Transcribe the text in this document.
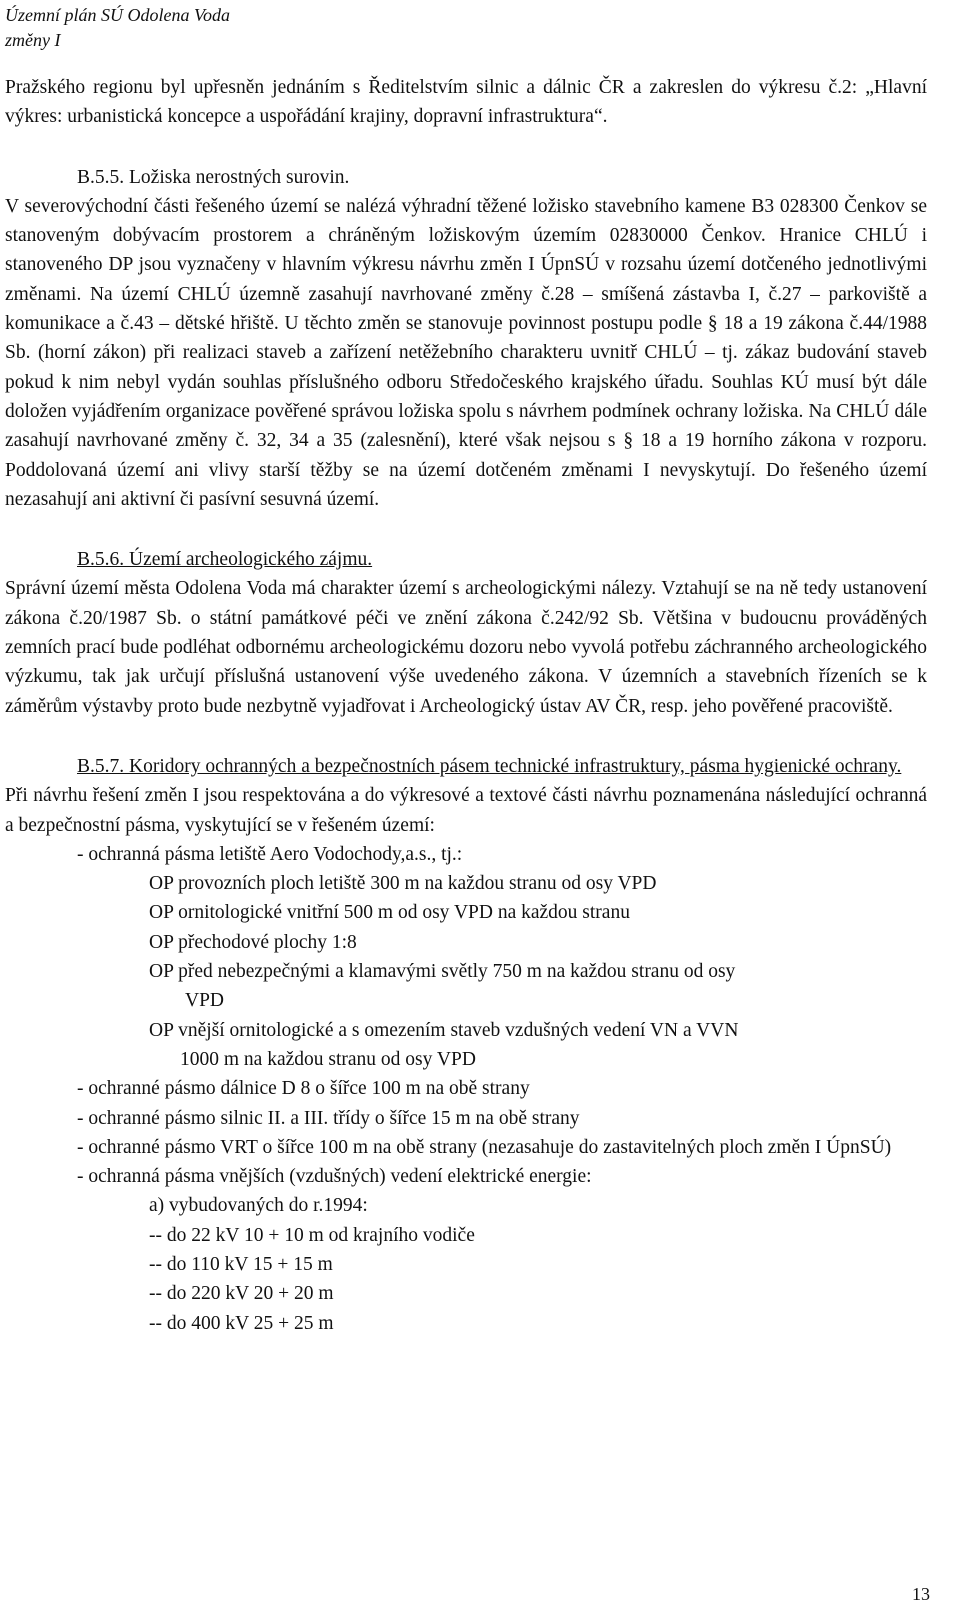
Územní plán SÚ Odolena Voda
změny I

Pražského regionu byl upřesněn jednáním s Ředitelstvím silnic a dálnic ČR a zakreslen do výkresu č.2: „Hlavní výkres: urbanistická koncepce a uspořádání krajiny, dopravní infrastruktura“.

B.5.5. Ložiska nerostných surovin.

V severovýchodní části řešeného území se nalézá výhradní těžené ložisko stavebního kamene B3 028300 Čenkov se stanoveným dobývacím prostorem a chráněným ložiskovým územím 02830000 Čenkov. Hranice CHLÚ i stanoveného DP jsou vyznačeny v hlavním výkresu návrhu změn I ÚpnSÚ v rozsahu území dotčeného jednotlivými změnami. Na území CHLÚ územně zasahují navrhované změny č.28 – smíšená zástavba I, č.27 – parkoviště a komunikace a č.43 – dětské hřiště. U těchto změn se stanovuje povinnost postupu podle § 18 a 19 zákona č.44/1988 Sb. (horní zákon) při realizaci staveb a zařízení netěžebního charakteru uvnitř CHLÚ – tj. zákaz budování staveb pokud k nim nebyl vydán souhlas příslušného odboru Středočeského krajského úřadu. Souhlas KÚ musí být dále doložen vyjádřením organizace pověřené správou ložiska spolu s návrhem podmínek ochrany ložiska. Na CHLÚ dále zasahují navrhované změny č. 32, 34 a 35 (zalesnění), které však nejsou s § 18 a 19 horního zákona v rozporu. Poddolovaná území ani vlivy starší těžby se na území dotčeném změnami I nevyskytují. Do řešeného území nezasahují ani aktivní či pasívní sesuvná území.

B.5.6. Území archeologického zájmu.

Správní území města Odolena Voda má charakter území s archeologickými nálezy. Vztahují se na ně tedy ustanovení zákona č.20/1987 Sb. o státní památkové péči ve znění zákona č.242/92 Sb. Většina v budoucnu prováděných zemních prací bude podléhat odbornému archeologickému dozoru nebo vyvolá potřebu záchranného archeologického výzkumu, tak jak určují příslušná ustanovení výše uvedeného zákona. V územních a stavebních řízeních se k záměrům výstavby proto bude nezbytně vyjadřovat i Archeologický ústav AV ČR, resp. jeho pověřené pracoviště.

B.5.7. Koridory ochranných a bezpečnostních pásem technické infrastruktury, pásma hygienické ochrany.

Při návrhu řešení změn I jsou respektována a do výkresové a textové části návrhu poznamenána následující ochranná a bezpečnostní pásma, vyskytující se v řešeném území:

- ochranná pásma letiště Aero Vodochody,a.s., tj.:

OP provozních ploch letiště 300 m na každou stranu od osy VPD

OP ornitologické vnitřní 500 m od osy VPD na každou stranu

OP přechodové plochy 1:8

OP před nebezpečnými a klamavými světly 750 m na každou stranu od osy

VPD

OP vnější ornitologické a s omezením staveb vzdušných vedení VN a VVN

1000 m na každou stranu od osy VPD

- ochranné pásmo dálnice D 8 o šířce 100 m na obě strany

- ochranné pásmo silnic II. a III. třídy o šířce 15 m na obě strany

- ochranné pásmo VRT o šířce 100 m na obě strany (nezasahuje do zastavitelných ploch změn I ÚpnSÚ)

- ochranná pásma vnějších (vzdušných) vedení elektrické energie:

a) vybudovaných do r.1994:

-- do 22 kV 10 + 10 m od krajního vodiče

-- do 110 kV 15 + 15 m

-- do 220 kV 20 + 20 m

-- do 400 kV 25 + 25 m

13
